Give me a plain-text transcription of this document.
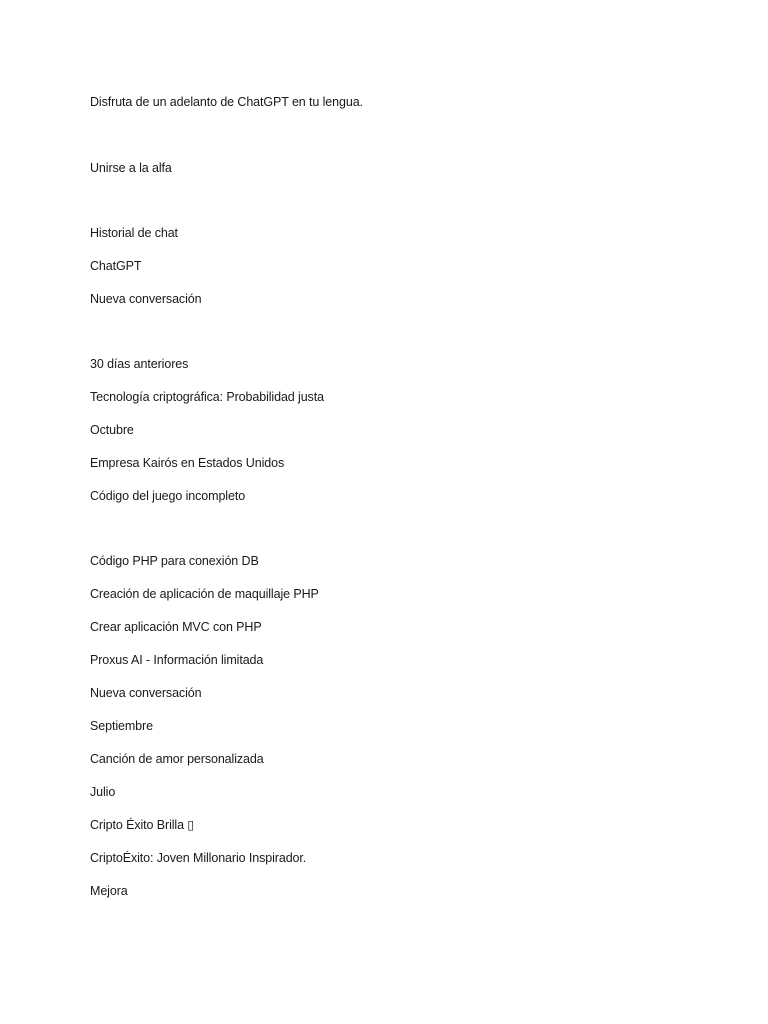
Disfruta de un adelanto de ChatGPT en tu lengua.
Unirse a la alfa
Historial de chat
ChatGPT
Nueva conversación
30 días anteriores
Tecnología criptográfica: Probabilidad justa
Octubre
Empresa Kairós en Estados Unidos
Código del juego incompleto
Código PHP para conexión DB
Creación de aplicación de maquillaje PHP
Crear aplicación MVC con PHP
Proxus AI - Información limitada
Nueva conversación
Septiembre
Canción de amor personalizada
Julio
Cripto Éxito Brilla ▯
CriptoÉxito: Joven Millonario Inspirador.
Mejora
